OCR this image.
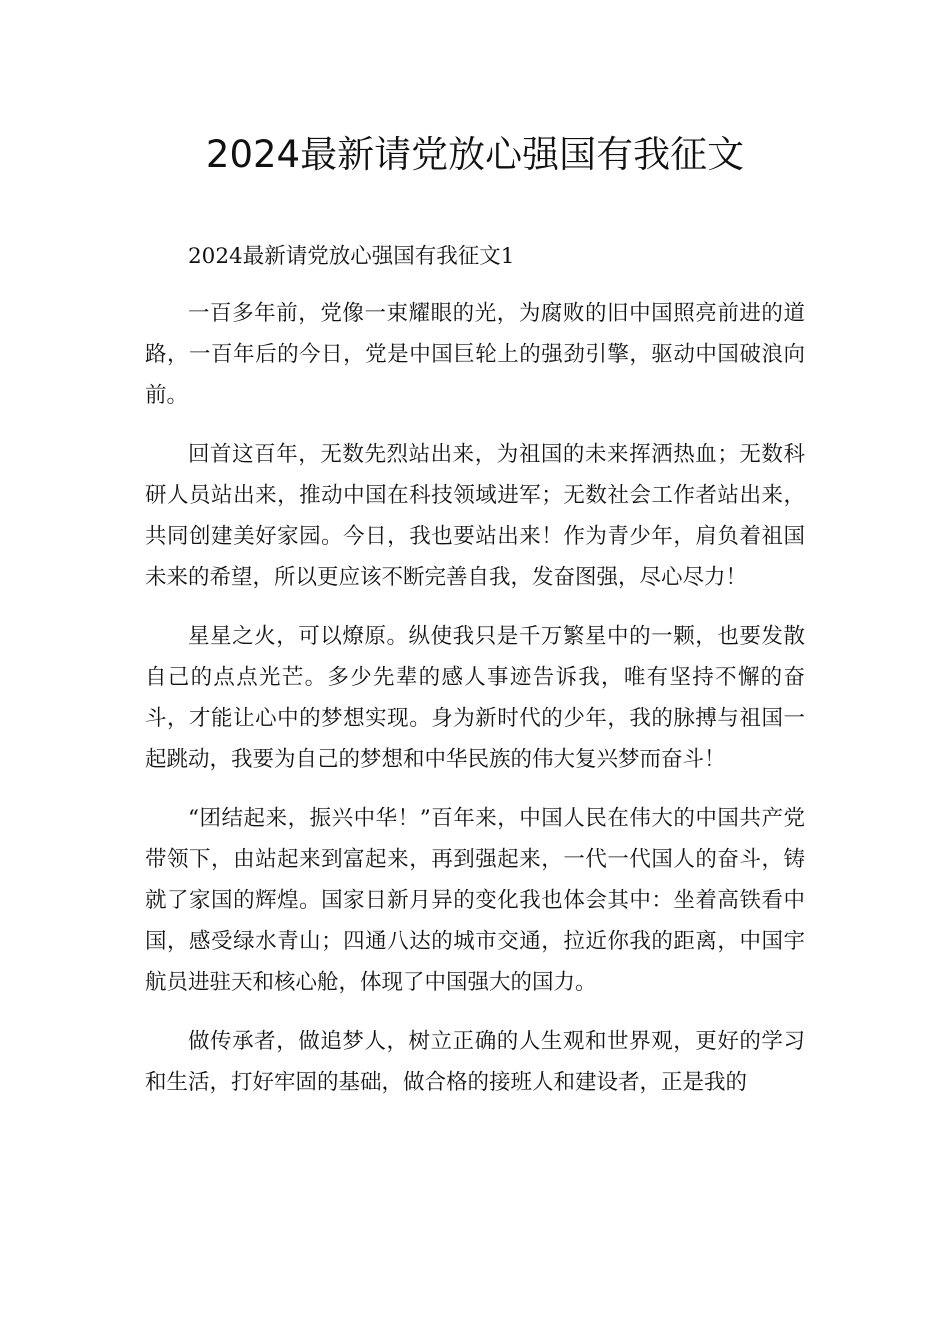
2024最新请党放心强国有我征文

2024最新请党放心强国有我征文1

一百多年前，党像一束耀眼的光，为腐败的旧中国照亮前进的道路，一百年后的今日，党是中国巨轮上的强劲引擎，驱动中国破浪向前。

回首这百年，无数先烈站出来，为祖国的未来挥洒热血；无数科研人员站出来，推动中国在科技领域进军；无数社会工作者站出来，共同创建美好家园。今日，我也要站出来！作为青少年，肩负着祖国未来的希望，所以更应该不断完善自我，发奋图强，尽心尽力！

星星之火，可以燎原。纵使我只是千万繁星中的一颗，也要发散自己的点点光芒。多少先辈的感人事迹告诉我，唯有坚持不懈的奋斗，才能让心中的梦想实现。身为新时代的少年，我的脉搏与祖国一起跳动，我要为自己的梦想和中华民族的伟大复兴梦而奋斗！

“团结起来，振兴中华！”百年来，中国人民在伟大的中国共产党带领下，由站起来到富起来，再到强起来，一代一代国人的奋斗，铸就了家国的辉煌。国家日新月异的变化我也体会其中：坐着高铁看中国，感受绿水青山；四通八达的城市交通，拉近你我的距离，中国宇航员进驻天和核心舱，体现了中国强大的国力。

做传承者，做追梦人，树立正确的人生观和世界观，更好的学习和生活，打好牢固的基础，做合格的接班人和建设者，正是我的
